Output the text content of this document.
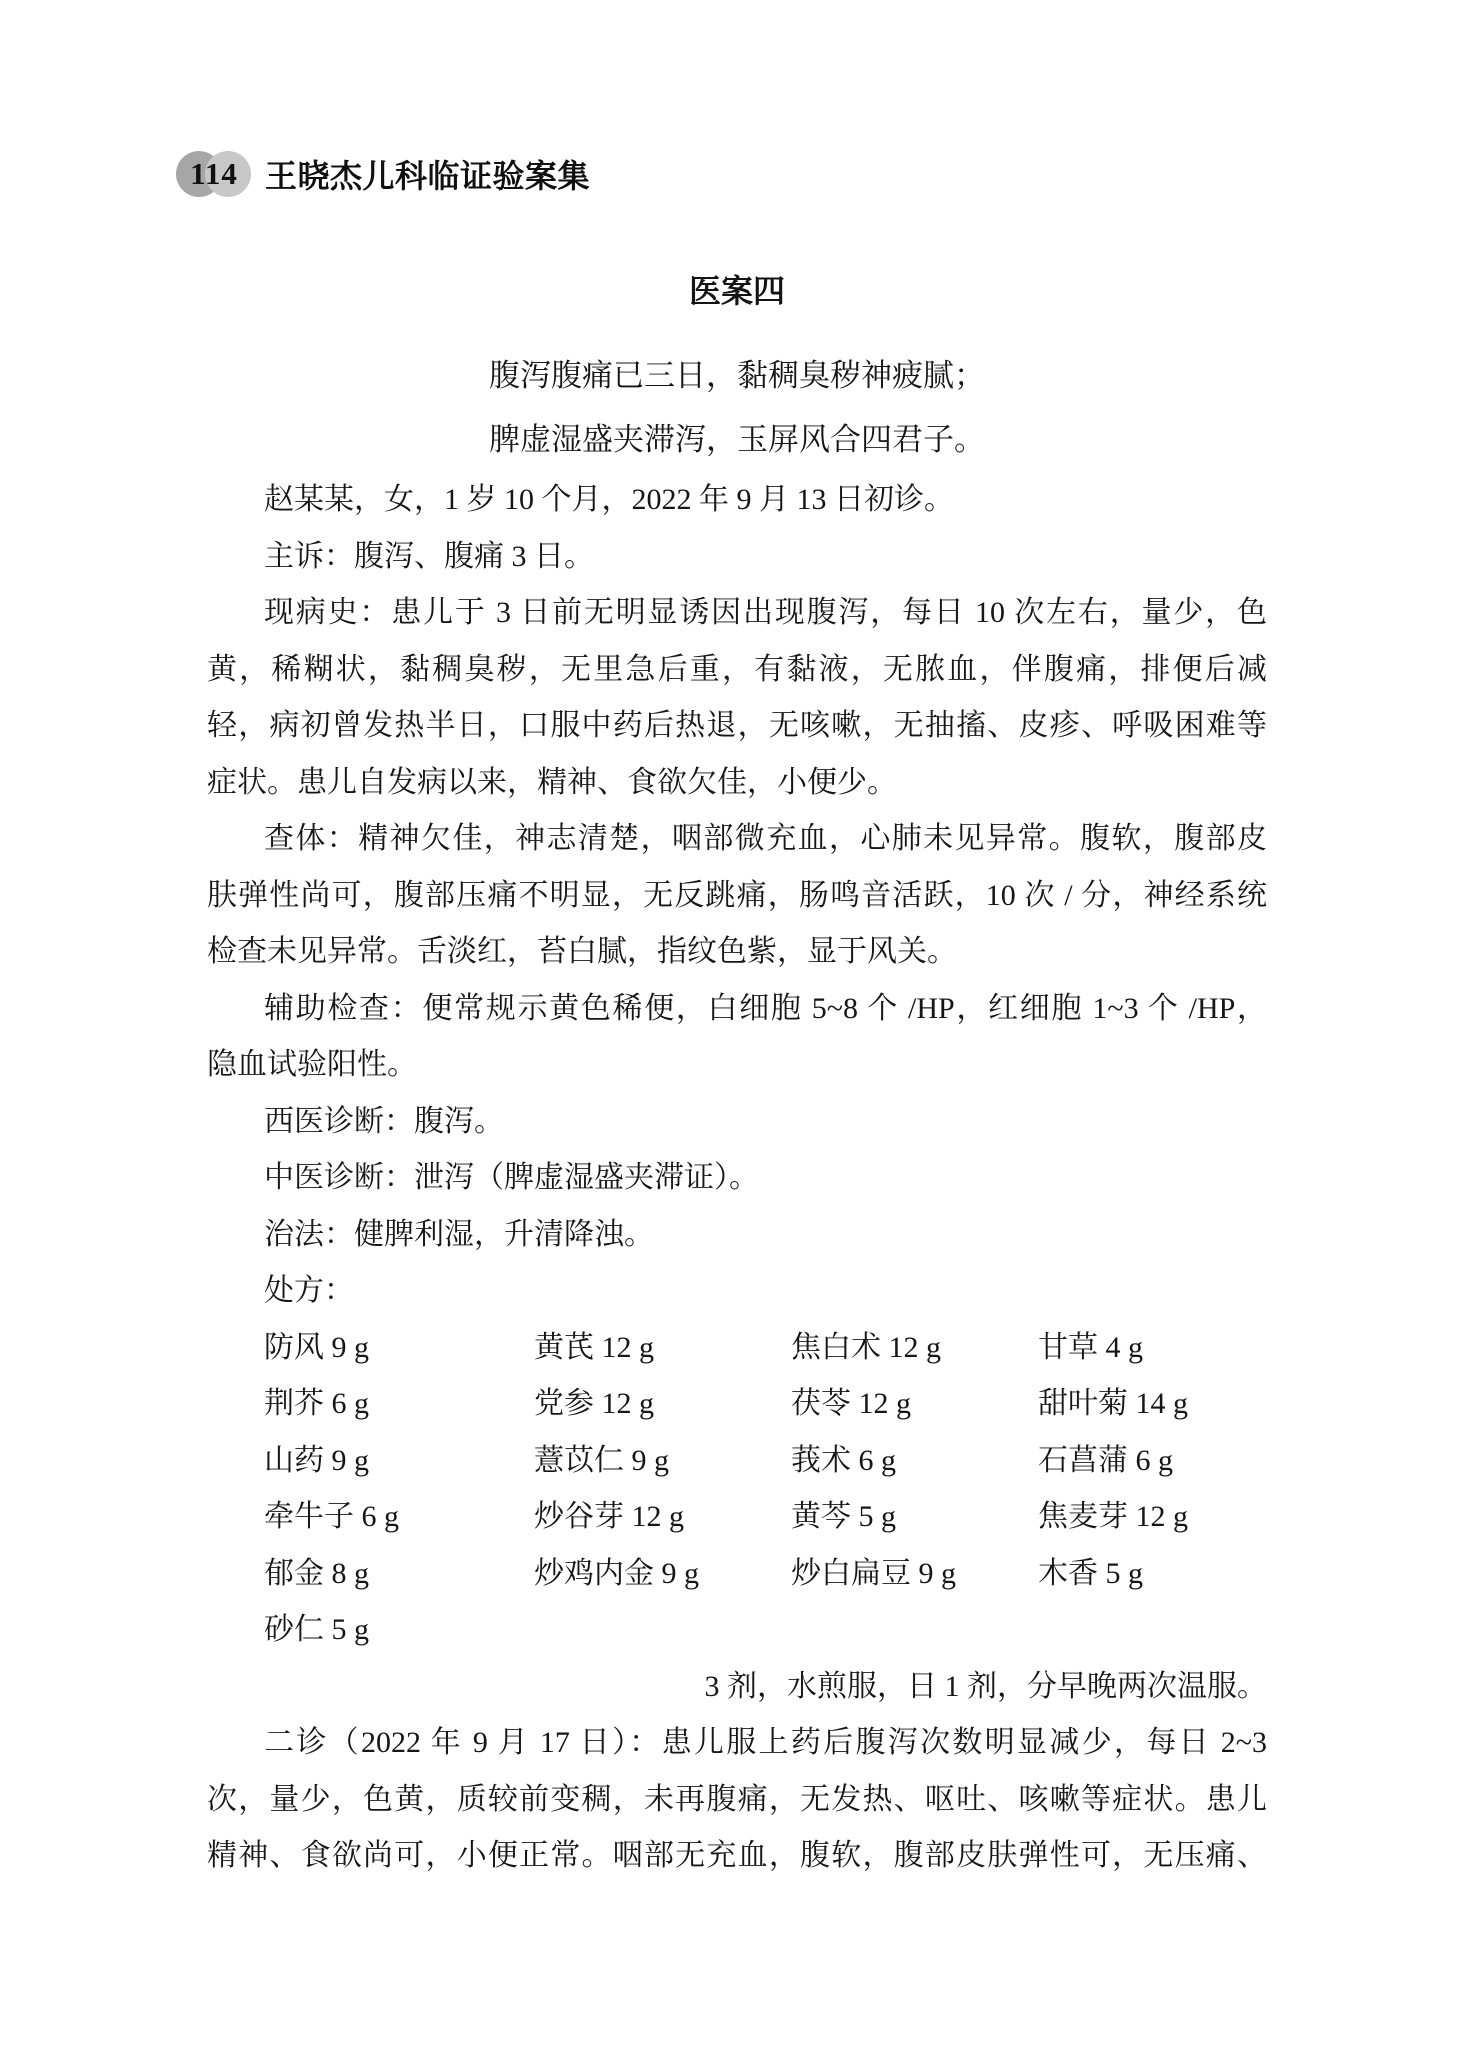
114 王晓杰儿科临证验案集
医案四
腹泻腹痛已三日，黏稠臭秽神疲腻；
脾虚湿盛夹滞泻，玉屏风合四君子。
赵某某，女，1 岁 10 个月，2022 年 9 月 13 日初诊。
主诉：腹泻、腹痛 3 日。
现病史：患儿于 3 日前无明显诱因出现腹泻，每日 10 次左右，量少，色
黄，稀糊状，黏稠臭秽，无里急后重，有黏液，无脓血，伴腹痛，排便后减
轻，病初曾发热半日，口服中药后热退，无咳嗽，无抽搐、皮疹、呼吸困难等
症状。患儿自发病以来，精神、食欲欠佳，小便少。
查体：精神欠佳，神志清楚，咽部微充血，心肺未见异常。腹软，腹部皮
肤弹性尚可，腹部压痛不明显，无反跳痛，肠鸣音活跃，10 次 / 分，神经系统
检查未见异常。舌淡红，苔白腻，指纹色紫，显于风关。
辅助检查：便常规示黄色稀便，白细胞 5~8 个 /HP，红细胞 1~3 个 /HP，
隐血试验阳性。
西医诊断：腹泻。
中医诊断：泄泻（脾虚湿盛夹滞证）。
治法：健脾利湿，升清降浊。
处方：
防风 9 g	黄芪 12 g	焦白术 12 g	甘草 4 g
荆芥 6 g	党参 12 g	茯苓 12 g	甜叶菊 14 g
山药 9 g	薏苡仁 9 g	莪术 6 g	石菖蒲 6 g
牵牛子 6 g	炒谷芽 12 g	黄芩 5 g	焦麦芽 12 g
郁金 8 g	炒鸡内金 9 g	炒白扁豆 9 g	木香 5 g
砂仁 5 g
3 剂，水煎服，日 1 剂，分早晚两次温服。
二诊（2022 年 9 月 17 日）：患儿服上药后腹泻次数明显减少，每日 2~3
次，量少，色黄，质较前变稠，未再腹痛，无发热、呕吐、咳嗽等症状。患儿
精神、食欲尚可，小便正常。咽部无充血，腹软，腹部皮肤弹性可，无压痛、
